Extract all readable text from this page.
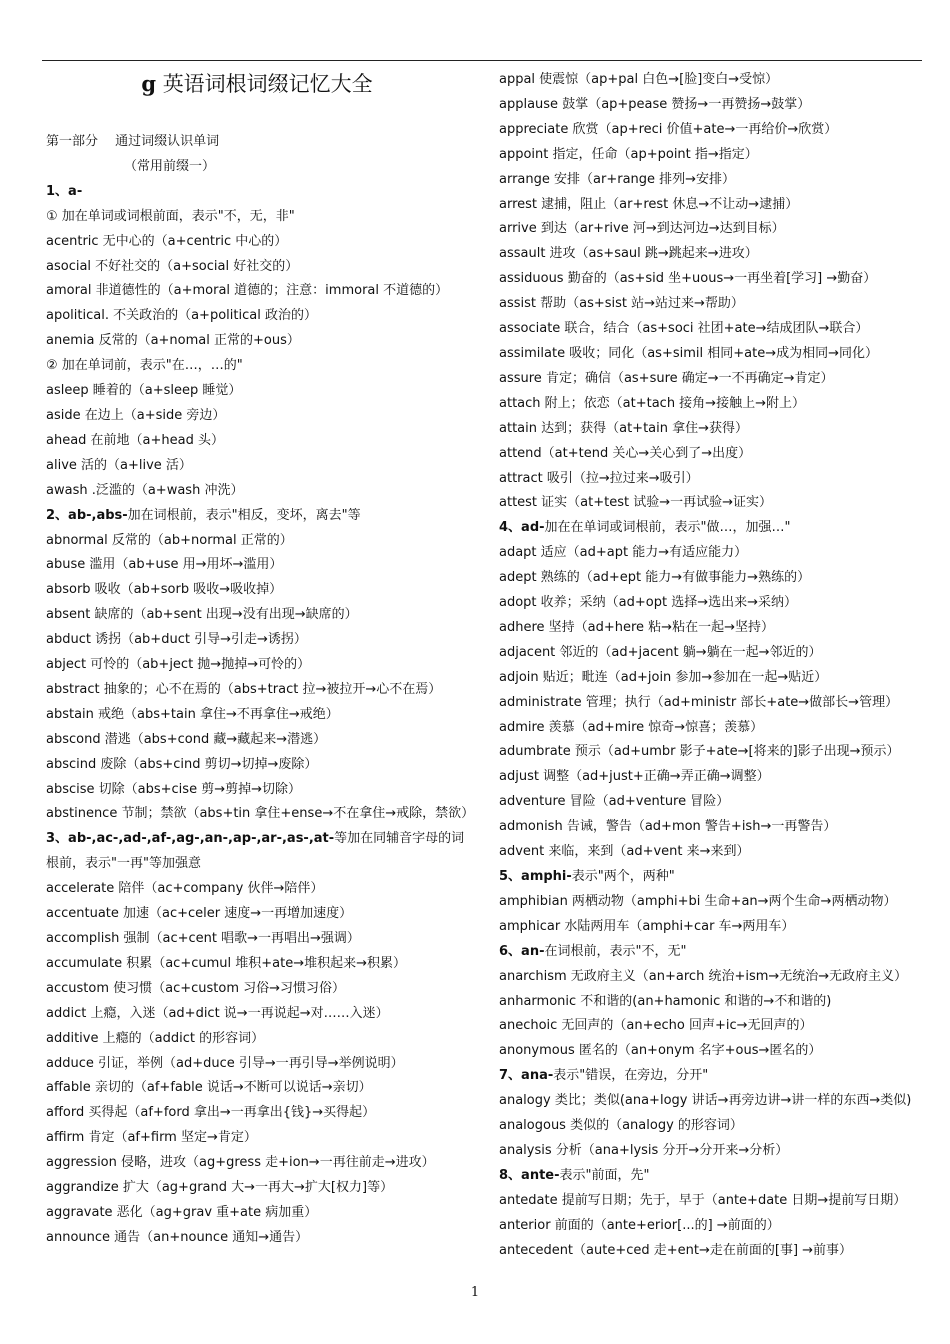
g 英语词根词缀记忆大全
第一部分　 通过词缀认识单词
（常用前缀一）
1、a-
① 加在单词或词根前面，表示"不，无，非"
acentric 无中心的（a+centric 中心的）
asocial 不好社交的（a+social 好社交的）
amoral 非道德性的（a+moral 道德的；注意：immoral 不道德的）
apolitical. 不关政治的（a+political 政治的）
anemia 反常的（a+nomal 正常的+ous）
② 加在单词前，表示"在…，…的"
asleep 睡着的（a+sleep 睡觉）
aside 在边上（a+side 旁边）
ahead 在前地（a+head 头）
alive 活的（a+live 活）
awash .泛滥的（a+wash 冲洗）
2、ab-,abs-加在词根前，表示"相反，变坏，离去"等
abnormal 反常的（ab+normal 正常的）
abuse 滥用（ab+use 用→用坏→滥用）
absorb 吸收（ab+sorb 吸收→吸收掉）
absent 缺席的（ab+sent 出现→没有出现→缺席的）
abduct 诱拐（ab+duct 引导→引走→诱拐）
abject 可怜的（ab+ject 抛→抛掉→可怜的）
abstract 抽象的；心不在焉的（abs+tract 拉→被拉开→心不在焉）
abstain 戒绝（abs+tain 拿住→不再拿住→戒绝）
abscond 潜逃（abs+cond 藏→藏起来→潜逃）
abscind 废除（abs+cind 剪切→切掉→废除）
abscise 切除（abs+cise 剪→剪掉→切除）
abstinence 节制；禁欲（abs+tin 拿住+ense→不在拿住→戒除，禁欲）
3、ab-,ac-,ad-,af-,ag-,an-,ap-,ar-,as-,at-等加在同辅音字母的词根前，表示"一再"等加强意
accelerate 陪伴（ac+company 伙伴→陪伴）
accentuate 加速（ac+celer 速度→一再增加速度）
accomplish 强制（ac+cent 唱歌→一再唱出→强调）
accumulate 积累（ac+cumul 堆积+ate→堆积起来→积累）
accustom 使习惯（ac+custom 习俗→习惯习俗）
addict 上瘾，入迷（ad+dict 说→一再说起→对……入迷）
additive 上瘾的（addict 的形容词）
adduce 引证，举例（ad+duce 引导→一再引导→举例说明）
affable 亲切的（af+fable 说话→不断可以说话→亲切）
afford 买得起（af+ford 拿出→一再拿出{钱}→买得起）
affirm 肯定（af+firm 坚定→肯定）
aggression 侵略，进攻（ag+gress 走+ion→一再往前走→进攻）
aggrandize 扩大（ag+grand 大→一再大→扩大[权力]等）
aggravate 恶化（ag+grav 重+ate 病加重）
announce 通告（an+nounce 通知→通告）
appal 使震惊（ap+pal 白色→[脸]变白→受惊）
applause 鼓掌（ap+pease 赞扬→一再赞扬→鼓掌）
appreciate 欣赏（ap+reci 价值+ate→一再给价→欣赏）
appoint 指定，任命（ap+point 指→指定）
arrange 安排（ar+range 排列→安排）
arrest 逮捕，阻止（ar+rest 休息→不让动→逮捕）
arrive 到达（ar+rive 河→到达河边→达到目标）
assault 进攻（as+saul 跳→跳起来→进攻）
assiduous 勤奋的（as+sid 坐+uous→一再坐着[学习] →勤奋）
assist 帮助（as+sist 站→站过来→帮助）
associate 联合，结合（as+soci 社团+ate→结成团队→联合）
assimilate 吸收；同化（as+simil 相同+ate→成为相同→同化）
assure 肯定；确信（as+sure 确定→一不再确定→肯定）
attach 附上；依恋（at+tach 接角→接触上→附上）
attain 达到；获得（at+tain 拿住→获得）
attend（at+tend 关心→关心到了→出度）
attract 吸引（拉→拉过来→吸引）
attest 证实（at+test 试验→一再试验→证实）
4、ad-加在在单词或词根前，表示"做…，加强…"
adapt 适应（ad+apt 能力→有适应能力）
adept 熟练的（ad+ept 能力→有做事能力→熟练的）
adopt 收养；采纳（ad+opt 选择→选出来→采纳）
adhere 坚持（ad+here 粘→粘在一起→坚持）
adjacent 邻近的（ad+jacent 躺→躺在一起→邻近的）
adjoin 贴近；毗连（ad+join 参加→参加在一起→贴近）
administrate 管理；执行（ad+ministr 部长+ate→做部长→管理）
admire 羡慕（ad+mire 惊奇→惊喜；羡慕）
adumbrate 预示（ad+umbr 影子+ate→[将来的]影子出现→预示）
adjust 调整（ad+just+正确→弄正确→调整）
adventure 冒险（ad+venture 冒险）
admonish 告诫，警告（ad+mon 警告+ish→一再警告）
advent 来临，来到（ad+vent 来→来到）
5、amphi-表示"两个，两种"
amphibian 两栖动物（amphi+bi 生命+an→两个生命→两栖动物）
amphicar 水陆两用车（amphi+car 车→两用车）
6、an-在词根前，表示"不，无"
anarchism 无政府主义（an+arch 统治+ism→无统治→无政府主义）
anharmonic 不和谐的(an+hamonic 和谐的→不和谐的)
anechoic 无回声的（an+echo 回声+ic→无回声的）
anonymous 匿名的（an+onym 名字+ous→匿名的）
7、ana-表示"错误，在旁边，分开"
analogy 类比；类似(ana+logy 讲话→再旁边讲→讲一样的东西→类似)
analogous 类似的（analogy 的形容词）
analysis 分析（ana+lysis 分开→分开来→分析）
8、ante-表示"前面，先"
antedate 提前写日期；先于，早于（ante+date 日期→提前写日期）
anterior 前面的（ante+erior[...的] →前面的）
antecedent（aute+ced 走+ent→走在前面的[事] →前事）
1
